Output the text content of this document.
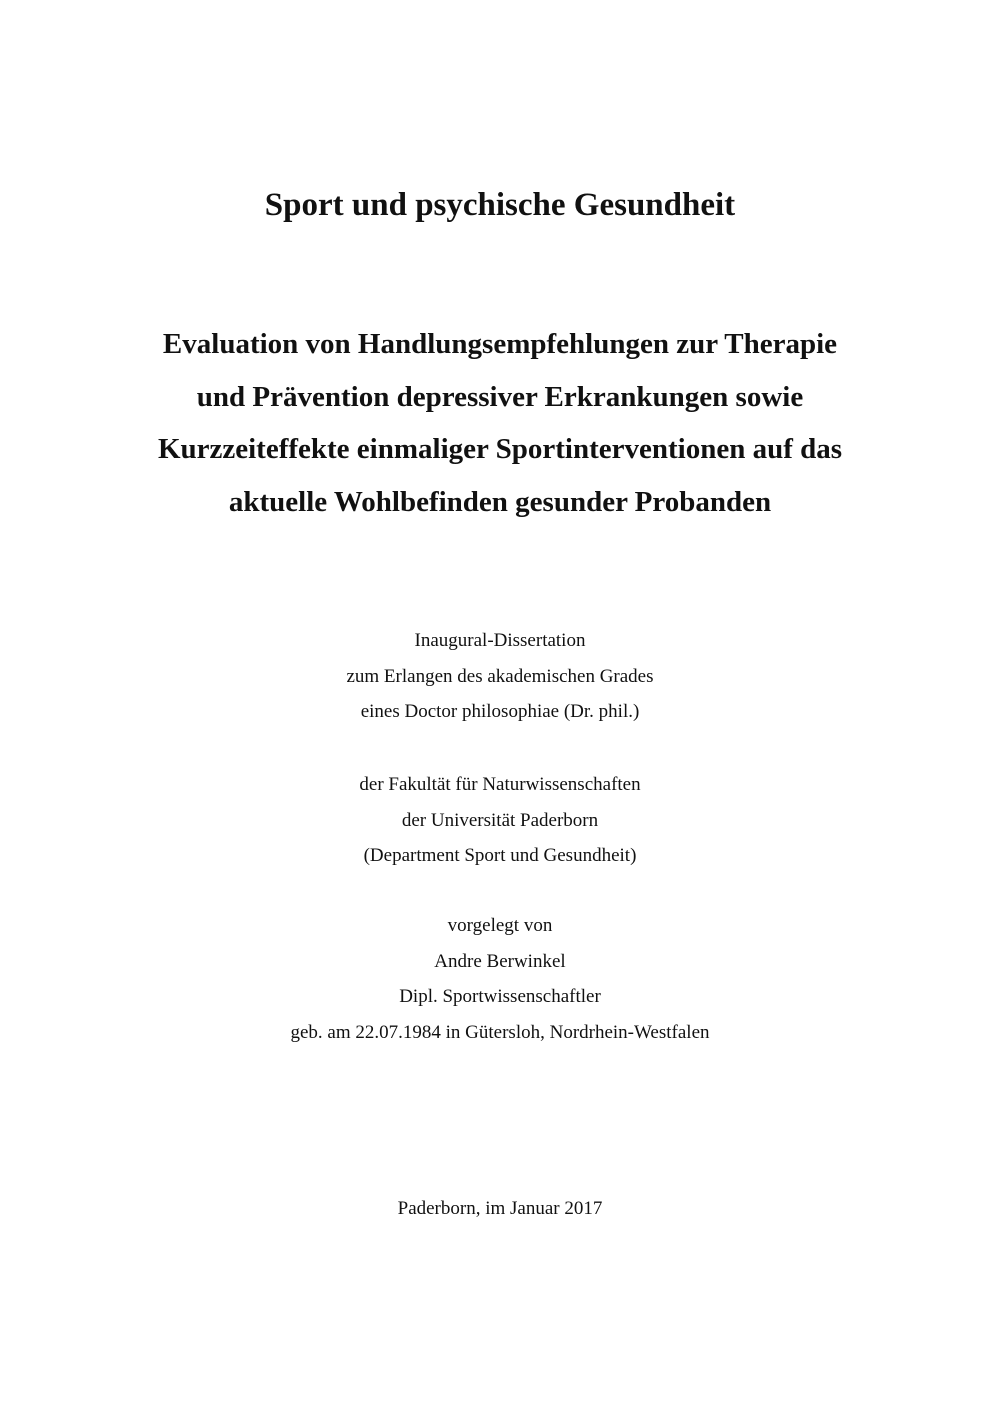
Sport und psychische Gesundheit
Evaluation von Handlungsempfehlungen zur Therapie
und Prävention depressiver Erkrankungen sowie
Kurzzeiteffekte einmaliger Sportinterventionen auf das
aktuelle Wohlbefinden gesunder Probanden
Inaugural-Dissertation
zum Erlangen des akademischen Grades
eines Doctor philosophiae (Dr. phil.)
der Fakultät für Naturwissenschaften
der Universität Paderborn
(Department Sport und Gesundheit)
vorgelegt von
Andre Berwinkel
Dipl. Sportwissenschaftler
geb. am 22.07.1984 in Gütersloh, Nordrhein-Westfalen
Paderborn, im Januar 2017
